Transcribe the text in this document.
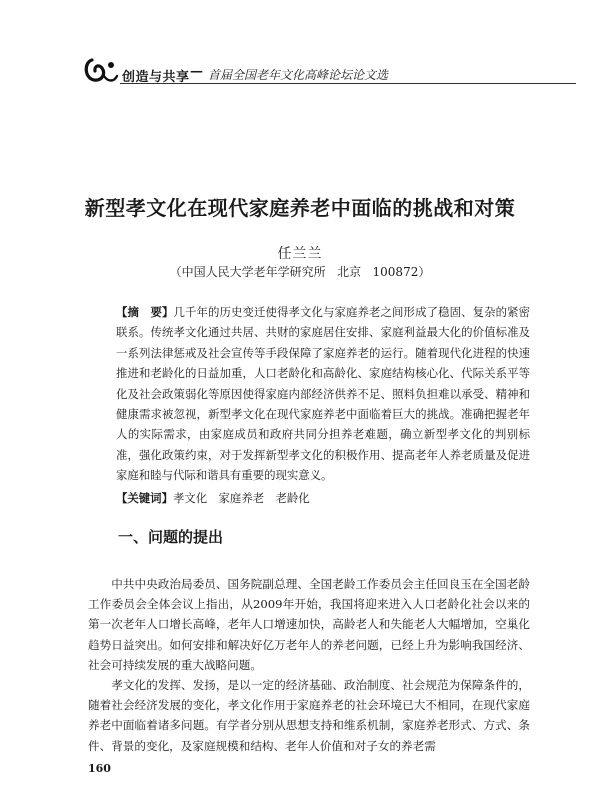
创造与共享 — 首届全国老年文化高峰论坛论文选
新型孝文化在现代家庭养老中面临的挑战和对策
任兰兰
（中国人民大学老年学研究所   北京   100872）
【摘　要】几千年的历史变迁使得孝文化与家庭养老之间形成了稳固、复杂的紧密联系。传统孝文化通过共居、共财的家庭居住安排、家庭利益最大化的价值标准及一系列法律惩戒及社会宣传等手段保障了家庭养老的运行。随着现代化进程的快速推进和老龄化的日益加重，人口老龄化和高龄化、家庭结构核心化、代际关系平等化及社会政策弱化等原因使得家庭内部经济供养不足、照料负担难以承受、精神和健康需求被忽视，新型孝文化在现代家庭养老中面临着巨大的挑战。准确把握老年人的实际需求，由家庭成员和政府共同分担养老难题，确立新型孝文化的判别标准，强化政策约束，对于发挥新型孝文化的积极作用、提高老年人养老质量及促进家庭和睦与代际和谐具有重要的现实意义。
【关键词】孝文化　家庭养老　老龄化
一、问题的提出

中共中央政治局委员、国务院副总理、全国老龄工作委员会主任回良玉在全国老龄工作委员会全体会议上指出，从2009年开始，我国将迎来进入人口老龄化社会以来的第一次老年人口增长高峰，老年人口增速加快，高龄老人和失能老人大幅增加，空巢化趋势日益突出。如何安排和解决好亿万老年人的养老问题，已经上升为影响我国经济、社会可持续发展的重大战略问题。

孝文化的发挥、发扬，是以一定的经济基础、政治制度、社会规范为保障条件的，随着社会经济发展的变化，孝文化作用于家庭养老的社会环境已大不相同，在现代家庭养老中面临着诸多问题。有学者分别从思想支持和维系机制，家庭养老形式、方式、条件、背景的变化，及家庭规模和结构、老年人价值和对子女的养老需

160
